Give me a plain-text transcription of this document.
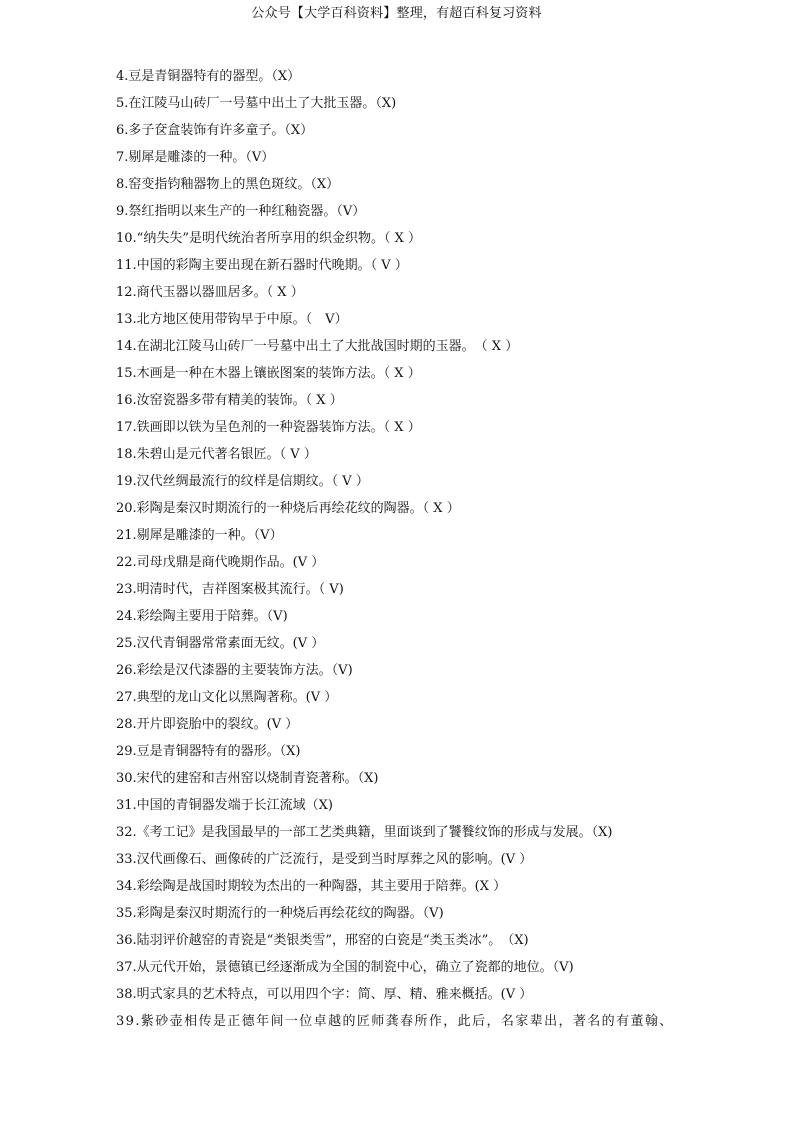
公众号【大学百科资料】整理，有超百科复习资料
4.豆是青铜器特有的器型。（X）
5.在江陵马山砖厂一号墓中出土了大批玉器。（X)
6.多子奁盒装饰有许多童子。（X）
7.剔犀是雕漆的一种。（V）
8.窑变指钧釉器物上的黑色斑纹。（X）
9.祭红指明以来生产的一种红釉瓷器。（V）
10.“纳失失”是明代统治者所享用的织金织物。（ X ）
11.中国的彩陶主要出现在新石器时代晚期。（ V ）
12.商代玉器以器皿居多。（ X ）
13.北方地区使用带钩早于中原。（　V）
14.在湖北江陵马山砖厂一号墓中出土了大批战国时期的玉器。　（ X ）
15.木画是一种在木器上镶嵌图案的装饰方法。（ X ）
16.汝窑瓷器多带有精美的装饰。（ X ）
17.铁画即以铁为呈色剂的一种瓷器装饰方法。（ X ）
18.朱碧山是元代著名银匠。（ V ）
19.汉代丝绸最流行的纹样是信期纹。（ V ）
20.彩陶是秦汉时期流行的一种烧后再绘花纹的陶器。（ X ）
21.剔犀是雕漆的一种。（V）
22.司母戊鼎是商代晚期作品。(V ）
23.明清时代，吉祥图案极其流行。（ V)
24.彩绘陶主要用于陪葬。（V)
25.汉代青铜器常常素面无纹。(V ）
26.彩绘是汉代漆器的主要装饰方法。（V)
27.典型的龙山文化以黑陶著称。(V ）
28.开片即瓷胎中的裂纹。(V ）
29.豆是青铜器特有的器形。（X)
30.宋代的建窑和吉州窑以烧制青瓷著称。（X)
31.中国的青铜器发端于长江流域（X)
32.《考工记》是我国最早的一部工艺类典籍，里面谈到了饕餮纹饰的形成与发展。（X)
33.汉代画像石、画像砖的广泛流行，是受到当时厚葬之风的影响。(V ）
34.彩绘陶是战国时期较为杰出的一种陶器，其主要用于陪葬。(X ）
35.彩陶是秦汉时期流行的一种烧后再绘花纹的陶器。（V)
36.陆羽评价越窑的青瓷是“类银类雪”，邢窑的白瓷是“类玉类冰”。　（X)
37.从元代开始，景德镇已经逐渐成为全国的制瓷中心，确立了瓷都的地位。（V)
38.明式家具的艺术特点，可以用四个字：简、厚、精、雅来概括。(V ）
39.紫砂壶相传是正德年间一位卓越的匠师龚春所作，此后，名家辈出，著名的有董翰、
